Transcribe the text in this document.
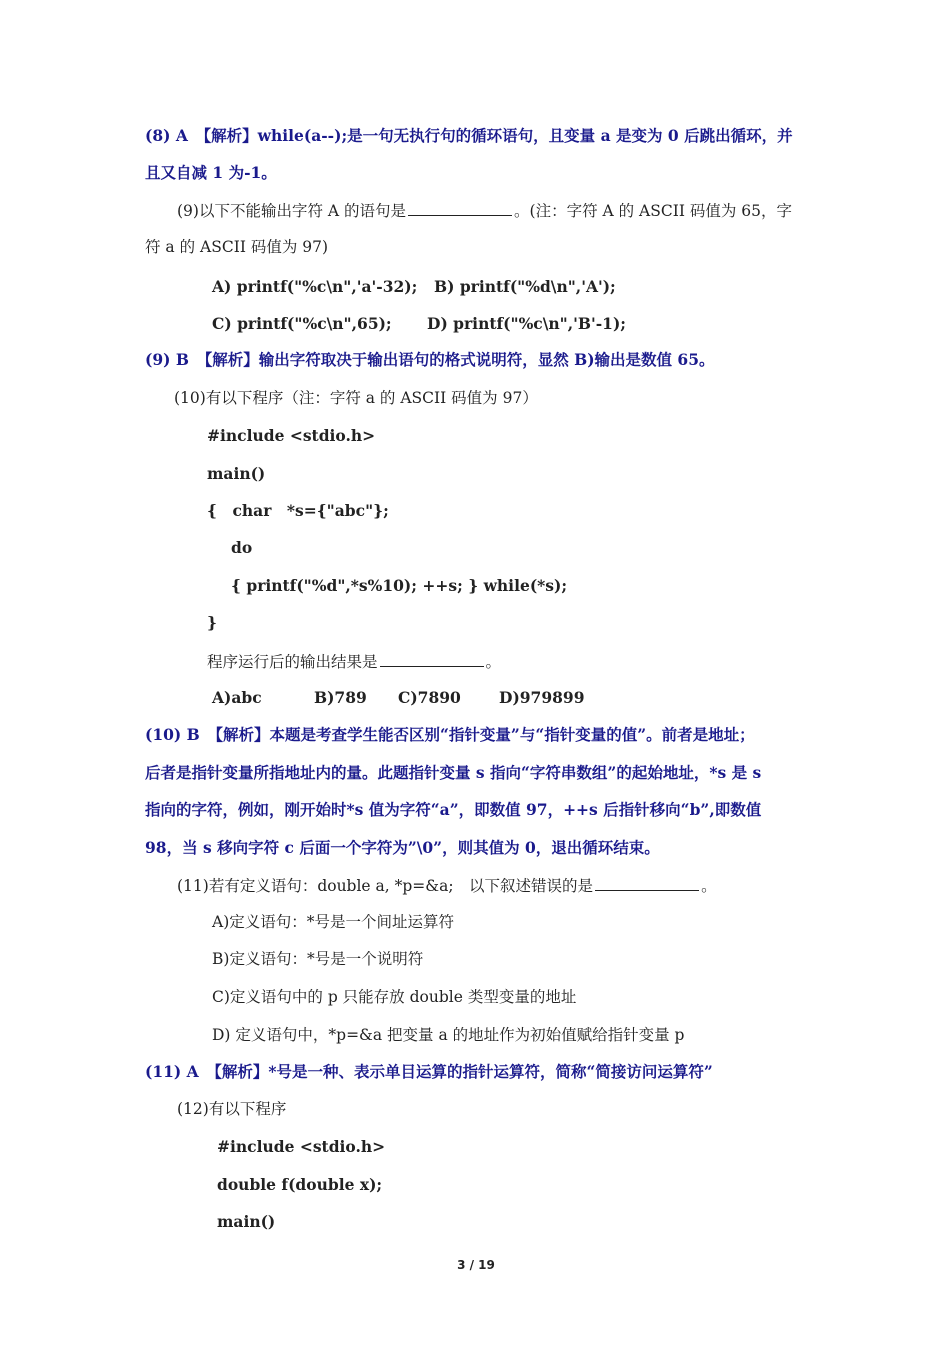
(8) A　【解析】while(a--);是一句无执行句的循环语句，且变量 a 是变为 0 后跳出循环，并
且又自减 1 为-1。
(9)以下不能输出字符 A 的语句是	。(注：字符 A 的 ASCII 码值为 65，字
符 a 的 ASCII 码值为 97)
A) printf("%c\n",'a'-32); B) printf("%d\n",'A');
C) printf("%c\n",65); D) printf("%c\n",'B'-1);
(9) B　【解析】输出字符取决于输出语句的格式说明符，显然 B)输出是数值 65。
(10)有以下程序（注：字符 a 的 ASCII 码值为 97）
#include <stdio.h>
main()
{　char　*s={"abc"};
do
{ printf("%d",*s%10); ++s; } while(*s);
}
程序运行后的输出结果是	。
A)abc	B)789 C)7890 D)979899
(10) B　【解析】本题是考查学生能否区别“指针变量”与“指针变量的值”。前者是地址；
后者是指针变量所指地址内的量。此题指针变量 s 指向“字符串数组”的起始地址，*s 是 s
指向的字符，例如，刚开始时*s 值为字符“a”，即数值 97，++s 后指针移向“b”,即数值
98，当 s 移向字符 c 后面一个字符为”\0”，则其值为 0，退出循环结束。
(11)若有定义语句：double a, *p=&a;　以下叙述错误的是	。
A)定义语句：*号是一个间址运算符
B)定义语句：*号是一个说明符
C)定义语句中的 p 只能存放 double 类型变量的地址
D) 定义语句中，*p=&a 把变量 a 的地址作为初始值赋给指针变量 p
(11) A　【解析】*号是一种、表示单目运算的指针运算符，简称“简接访问运算符”
(12)有以下程序
#include <stdio.h>
double f(double x);
main()
3 / 19
